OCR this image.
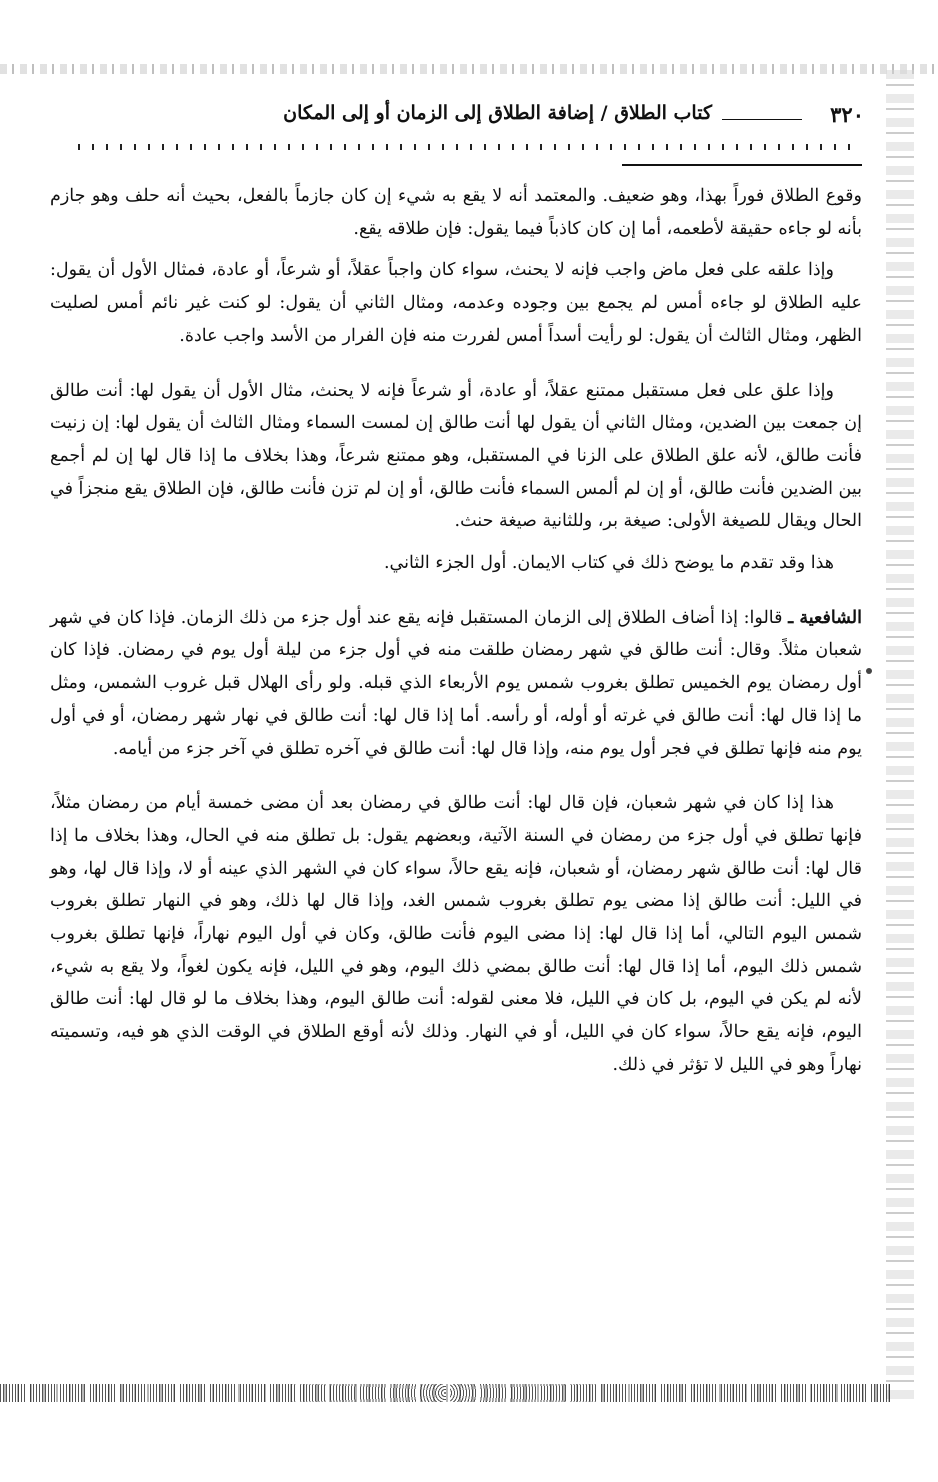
٣٢٠
كتاب الطلاق / إضافة الطلاق إلى الزمان أو إلى المكان

وقوع الطلاق فوراً بهذا، وهو ضعيف. والمعتمد أنه لا يقع به شيء إن كان جازماً بالفعل، بحيث أنه حلف وهو جازم بأنه لو جاءه حقيقة لأطعمه، أما إن كان كاذباً فيما يقول: فإن طلاقه يقع.

وإذا علقه على فعل ماض واجب فإنه لا يحنث، سواء كان واجباً عقلاً، أو شرعاً، أو عادة، فمثال الأول أن يقول: عليه الطلاق لو جاءه أمس لم يجمع بين وجوده وعدمه، ومثال الثاني أن يقول: لو كنت غير نائم أمس لصليت الظهر، ومثال الثالث أن يقول: لو رأيت أسداً أمس لفررت منه فإن الفرار من الأسد واجب عادة.

وإذا علق على فعل مستقبل ممتنع عقلاً، أو عادة، أو شرعاً فإنه لا يحنث، مثال الأول أن يقول لها: أنت طالق إن جمعت بين الضدين، ومثال الثاني أن يقول لها أنت طالق إن لمست السماء ومثال الثالث أن يقول لها: إن زنيت فأنت طالق، لأنه علق الطلاق على الزنا في المستقبل، وهو ممتنع شرعاً، وهذا بخلاف ما إذا قال لها إن لم أجمع بين الضدين فأنت طالق، أو إن لم ألمس السماء فأنت طالق، أو إن لم تزن فأنت طالق، فإن الطلاق يقع منجزاً في الحال ويقال للصيغة الأولى: صيغة بر، وللثانية صيغة حنث.

هذا وقد تقدم ما يوضح ذلك في كتاب الايمان. أول الجزء الثاني.

الشافعية ـ قالوا: إذا أضاف الطلاق إلى الزمان المستقبل فإنه يقع عند أول جزء من ذلك الزمان. فإذا كان في شهر شعبان مثلاً. وقال: أنت طالق في شهر رمضان طلقت منه في أول جزء من ليلة أول يوم في رمضان. فإذا كان أول رمضان يوم الخميس تطلق بغروب شمس يوم الأربعاء الذي قبله. ولو رأى الهلال قبل غروب الشمس، ومثل ما إذا قال لها: أنت طالق في غرته أو أوله، أو رأسه. أما إذا قال لها: أنت طالق في نهار شهر رمضان، أو في أول يوم منه فإنها تطلق في فجر أول يوم منه، وإذا قال لها: أنت طالق في آخره تطلق في آخر جزء من أيامه.

هذا إذا كان في شهر شعبان، فإن قال لها: أنت طالق في رمضان بعد أن مضى خمسة أيام من رمضان مثلاً، فإنها تطلق في أول جزء من رمضان في السنة الآتية، وبعضهم يقول: بل تطلق منه في الحال، وهذا بخلاف ما إذا قال لها: أنت طالق شهر رمضان، أو شعبان، فإنه يقع حالاً، سواء كان في الشهر الذي عينه أو لا، وإذا قال لها، وهو في الليل: أنت طالق إذا مضى يوم تطلق بغروب شمس الغد، وإذا قال لها ذلك، وهو في النهار تطلق بغروب شمس اليوم التالي، أما إذا قال لها: إذا مضى اليوم فأنت طالق، وكان في أول اليوم نهاراً، فإنها تطلق بغروب شمس ذلك اليوم، أما إذا قال لها: أنت طالق بمضي ذلك اليوم، وهو في الليل، فإنه يكون لغواً، ولا يقع به شيء، لأنه لم يكن في اليوم، بل كان في الليل، فلا معنى لقوله: أنت طالق اليوم، وهذا بخلاف ما لو قال لها: أنت طالق اليوم، فإنه يقع حالاً، سواء كان في الليل، أو في النهار. وذلك لأنه أوقع الطلاق في الوقت الذي هو فيه، وتسميته نهاراً وهو في الليل لا تؤثر في ذلك.
